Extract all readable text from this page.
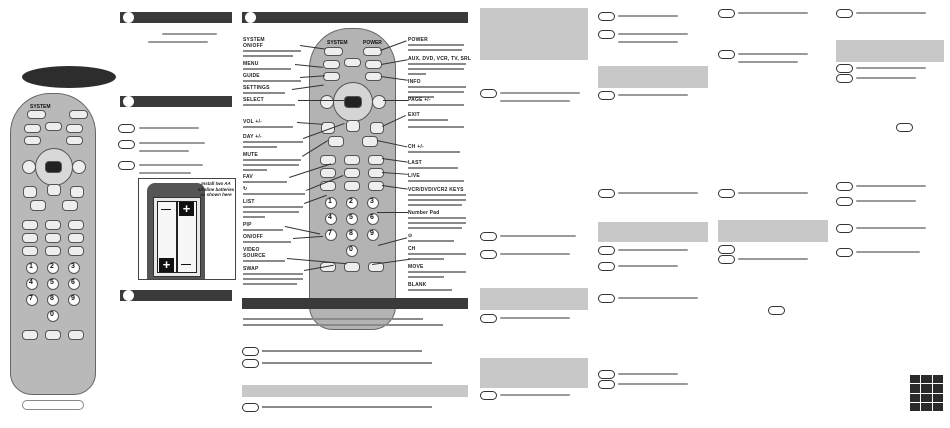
—
+
+
—
Install two AA alkaline batteries as shown here
SYSTEM
1 2 3
4 5 6
7 8 9
0
SYSTEM	POWER
1 2 3
4 5 6
7 8 9
0
SYSTEM
ON/OFF
MENU
GUIDE
SETTINGS
SELECT
VOL +/-
DAY +/-
MUTE
FAV
↻
LIST
PIP
ON/OFF
VIDEO
SOURCE
SWAP
POWER
AUX, DVD, VCR, TV, SRL
INFO
PAGE +/-
EXIT
CH +/-
LAST
LIVE
VCR/DVD/VCR2 KEYS
Number Pad
⊙
CH
MOVE
BLANK
